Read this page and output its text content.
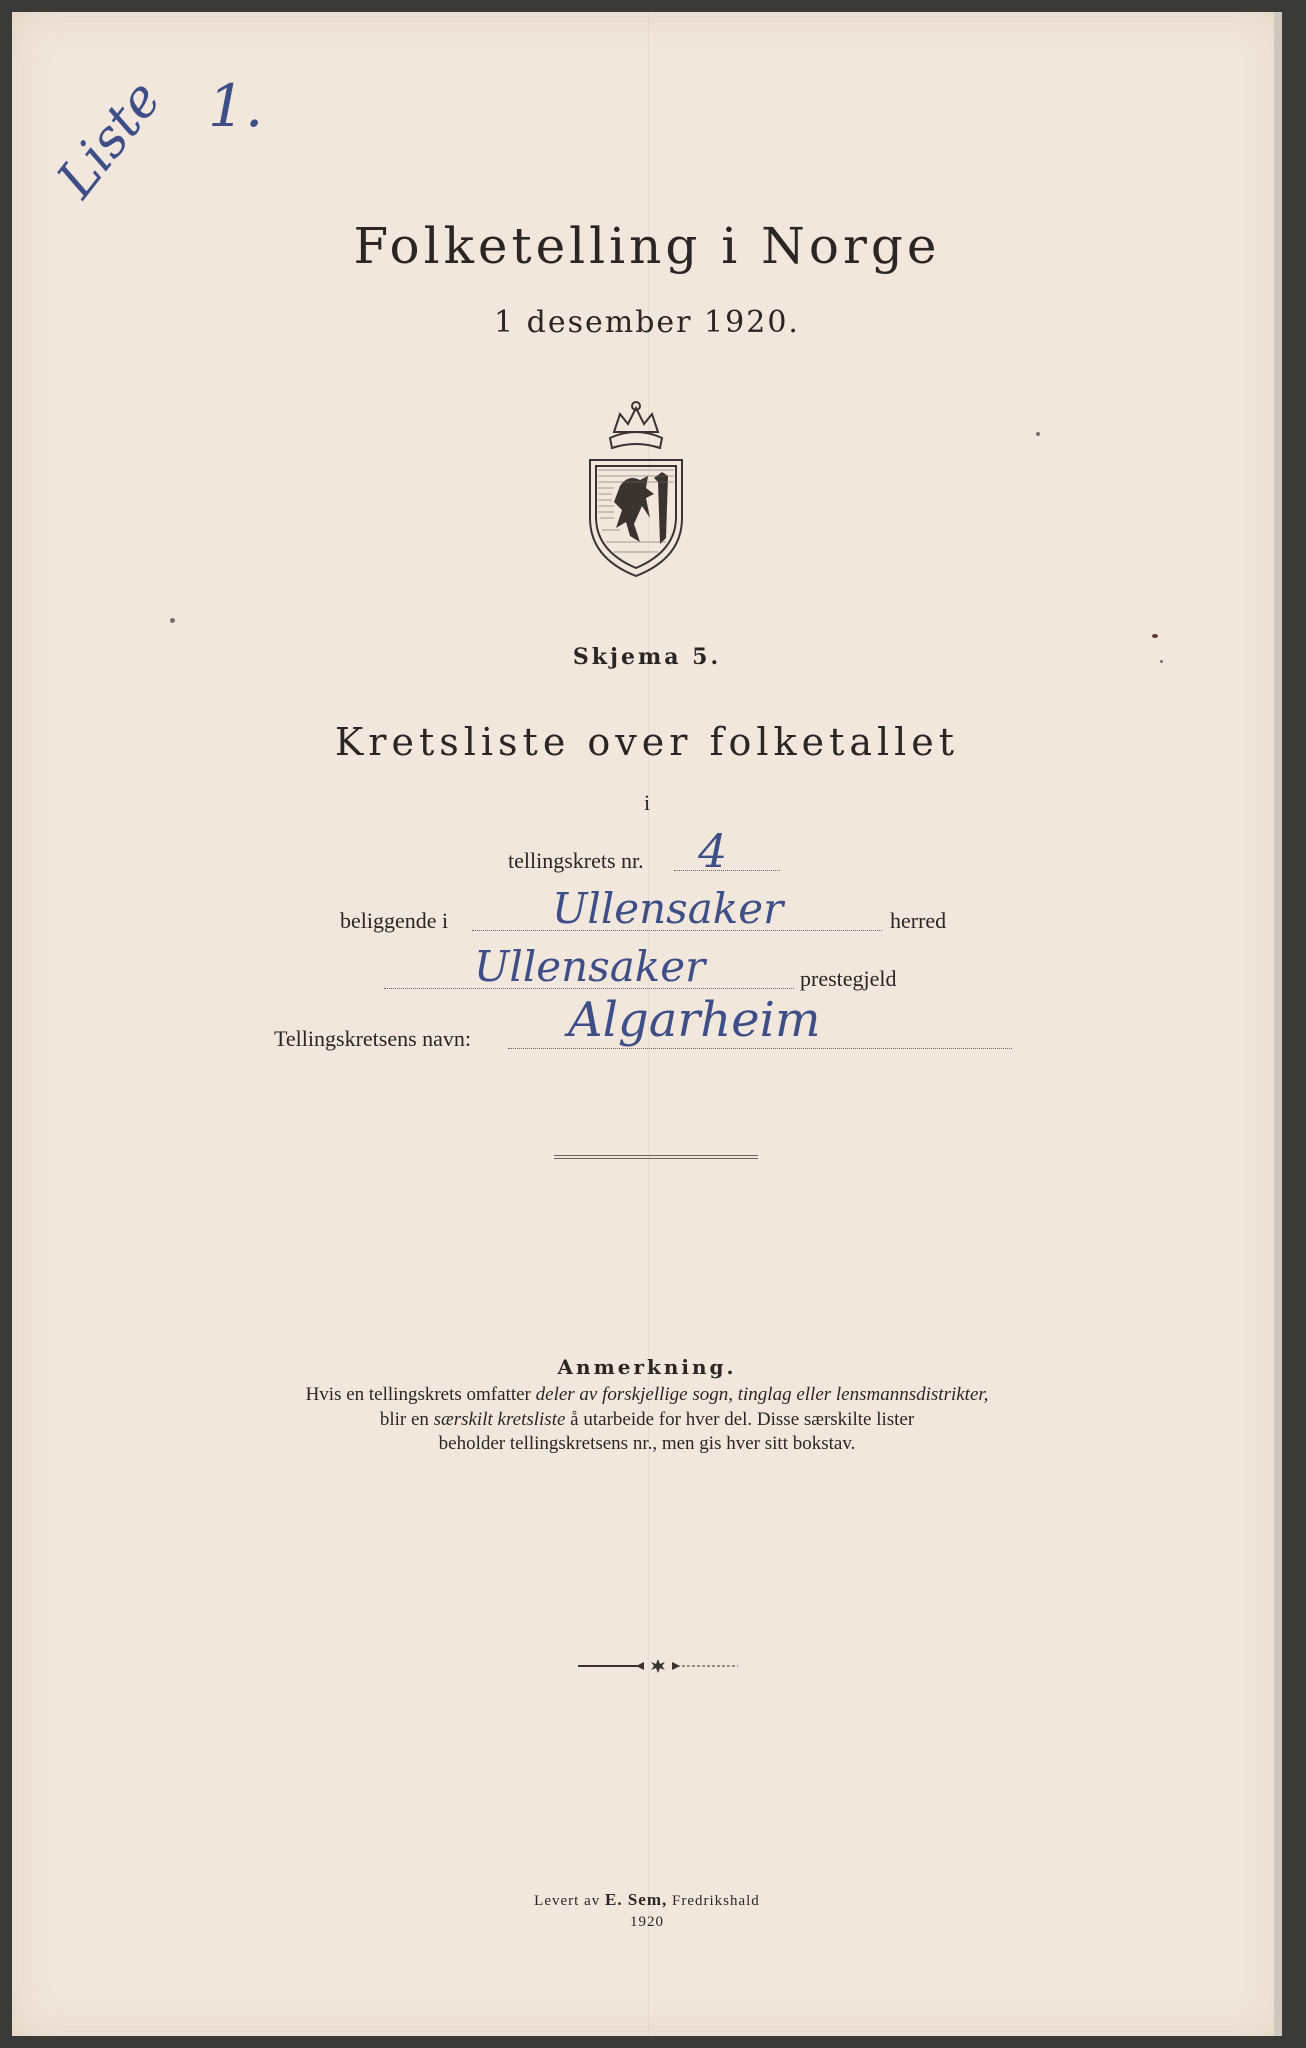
Liste 1.
Folketelling i Norge
1 desember 1920.
Skjema 5.
Kretsliste over folketallet
i
tellingskrets nr. 4
beliggende i Ullensaker	herred
Ullensaker	prestegjeld
Tellingskretsens navn: Algarheim
Anmerkning.
Hvis en tellingskrets omfatter deler av forskjellige sogn, tinglag eller lensmannsdistrikter,
blir en særskilt kretsliste å utarbeide for hver del. Disse særskilte lister
beholder tellingskretsens nr., men gis hver sitt bokstav.
Levert av E. Sem, Fredrikshald
1920
